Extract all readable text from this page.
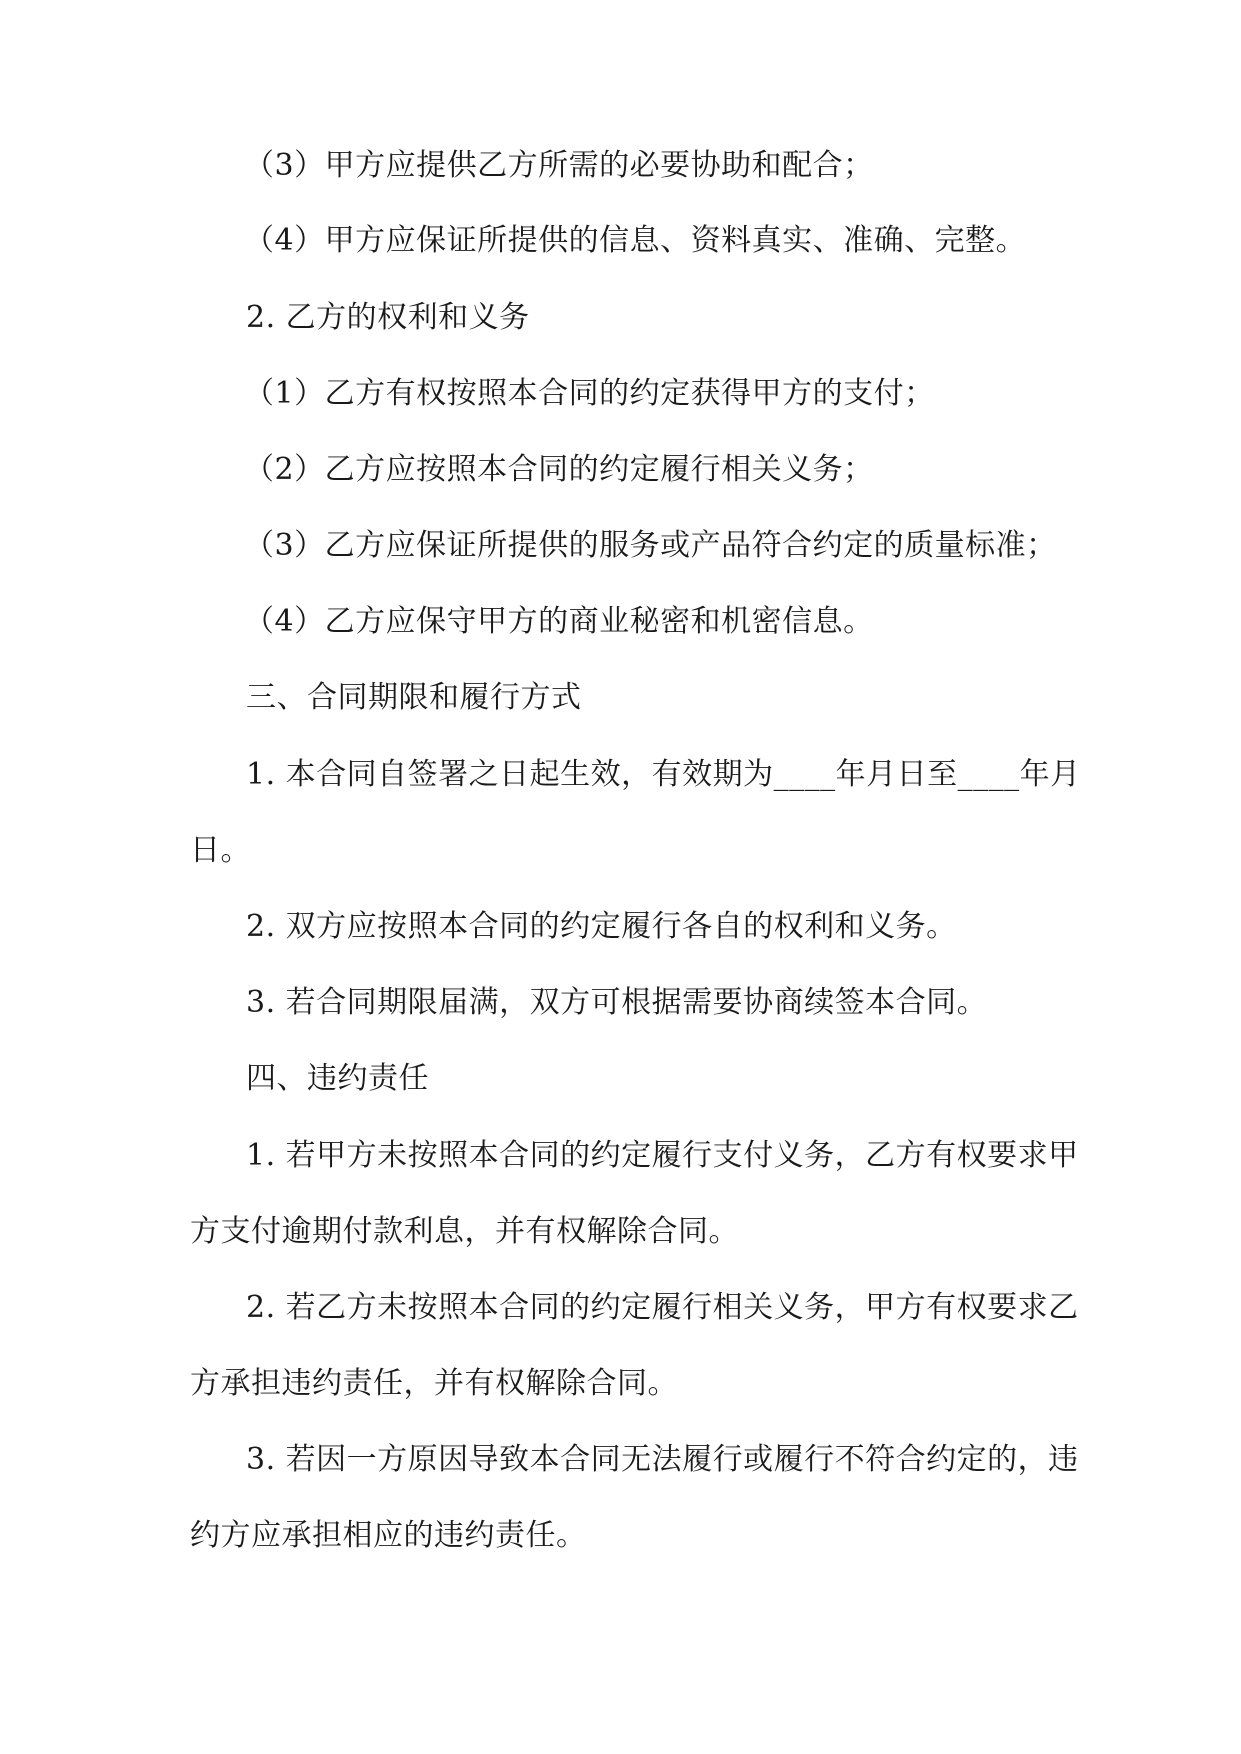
（3）甲方应提供乙方所需的必要协助和配合；
（4）甲方应保证所提供的信息、资料真实、准确、完整。
2. 乙方的权利和义务
（1）乙方有权按照本合同的约定获得甲方的支付；
（2）乙方应按照本合同的约定履行相关义务；
（3）乙方应保证所提供的服务或产品符合约定的质量标准；
（4）乙方应保守甲方的商业秘密和机密信息。
三、合同期限和履行方式
1. 本合同自签署之日起生效，有效期为____年月日至____年月
日。
2. 双方应按照本合同的约定履行各自的权利和义务。
3. 若合同期限届满，双方可根据需要协商续签本合同。
四、违约责任
1. 若甲方未按照本合同的约定履行支付义务，乙方有权要求甲
方支付逾期付款利息，并有权解除合同。
2. 若乙方未按照本合同的约定履行相关义务，甲方有权要求乙
方承担违约责任，并有权解除合同。
3. 若因一方原因导致本合同无法履行或履行不符合约定的，违
约方应承担相应的违约责任。
